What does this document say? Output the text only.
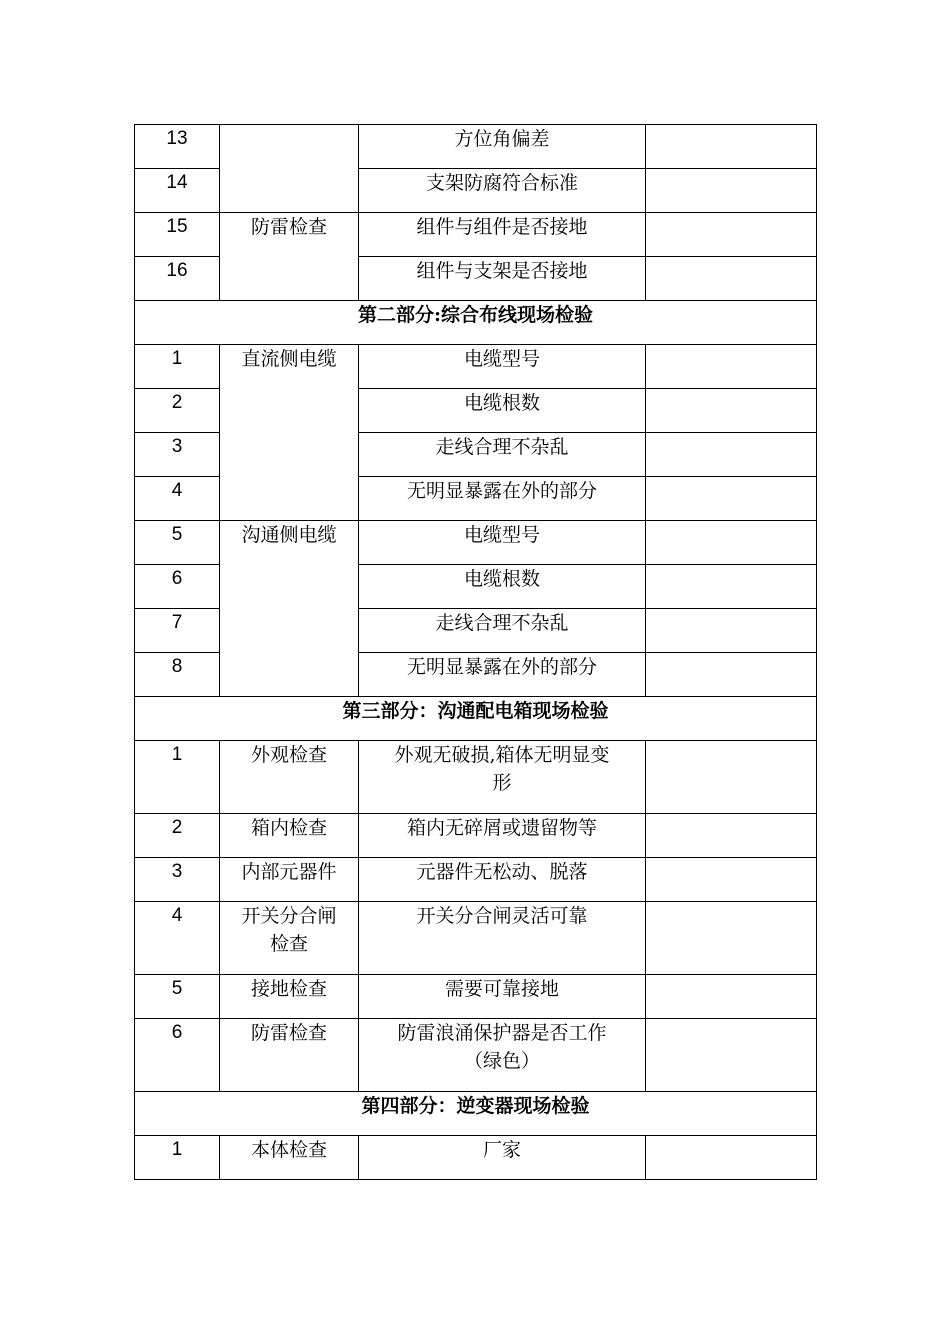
13		方位角偏差	
14		支架防腐符合标准	
15	防雷检查	组件与组件是否接地	
16		组件与支架是否接地	
第二部分:综合布线现场检验			
1	直流侧电缆	电缆型号	
2		电缆根数	
3		走线合理不杂乱	
4		无明显暴露在外的部分	
5	沟通侧电缆	电缆型号	
6		电缆根数	
7		走线合理不杂乱	
8		无明显暴露在外的部分	
第三部分：沟通配电箱现场检验			
1	外观检查	外观无破损,箱体无明显变
形	
2	箱内检查	箱内无碎屑或遗留物等	
3	内部元器件	元器件无松动、脱落	
4	开关分合闸
检查	开关分合闸灵活可靠	
5	接地检查	需要可靠接地	
6	防雷检查	防雷浪涌保护器是否工作
（绿色）	
第四部分：逆变器现场检验			
1	本体检查	厂家	
